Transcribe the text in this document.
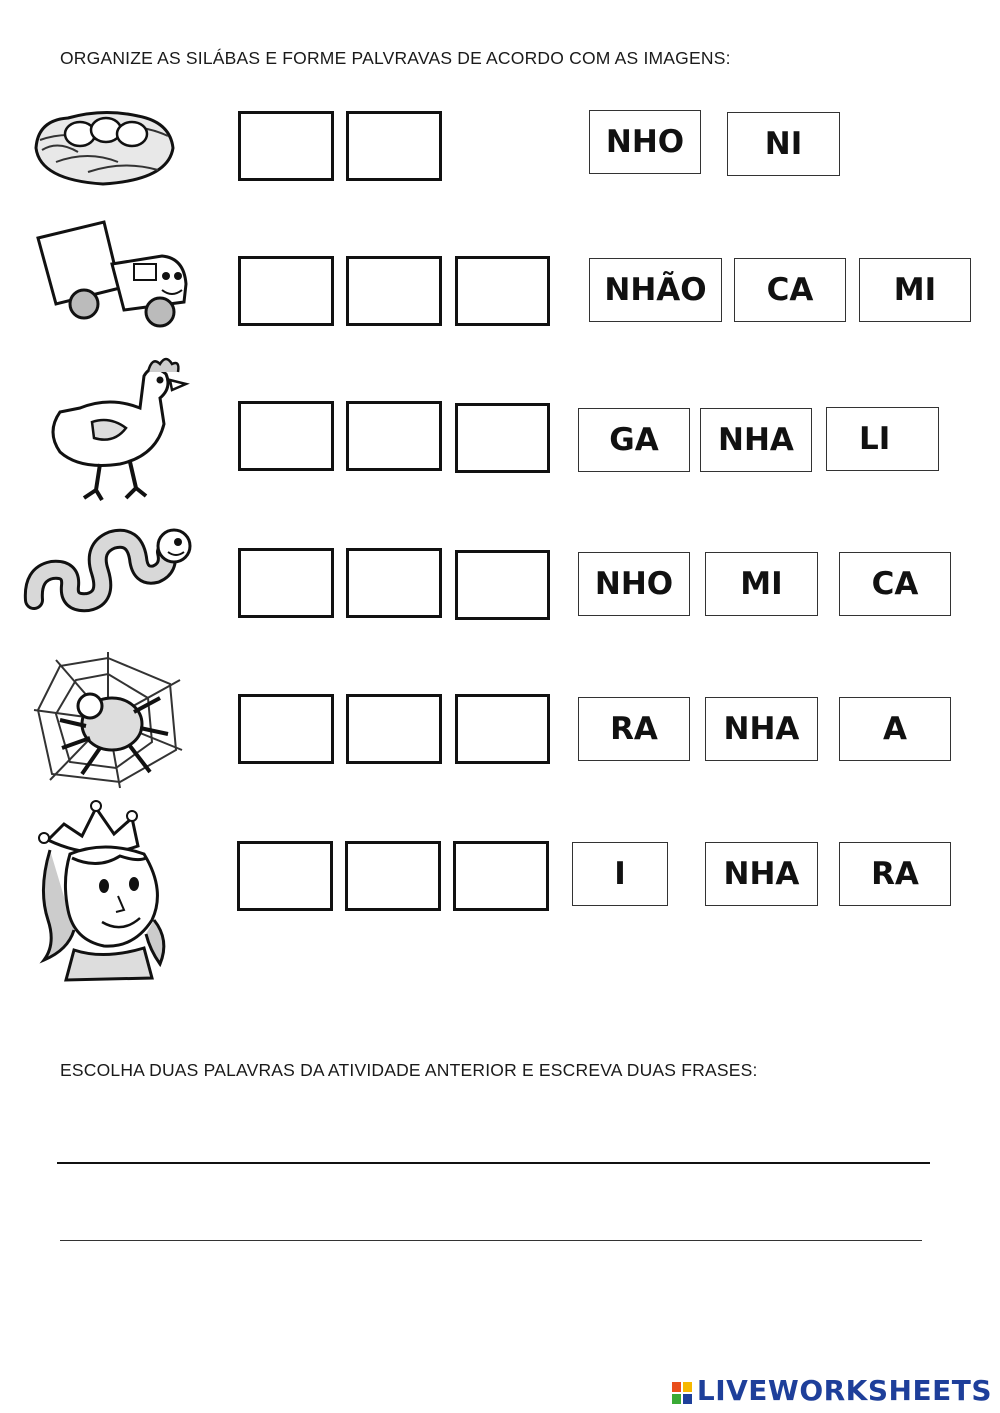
ORGANIZE AS SILÁBAS E FORME PALVRAVAS DE ACORDO COM AS IMAGENS:
NHO	NI
NHÃO	CA	MI
GA	NHA	LI
NHO	MI	CA
RA	NHA	A
I	NHA	RA
ESCOLHA DUAS PALAVRAS DA ATIVIDADE ANTERIOR E ESCREVA DUAS FRASES:
LIVEWORKSHEETS
